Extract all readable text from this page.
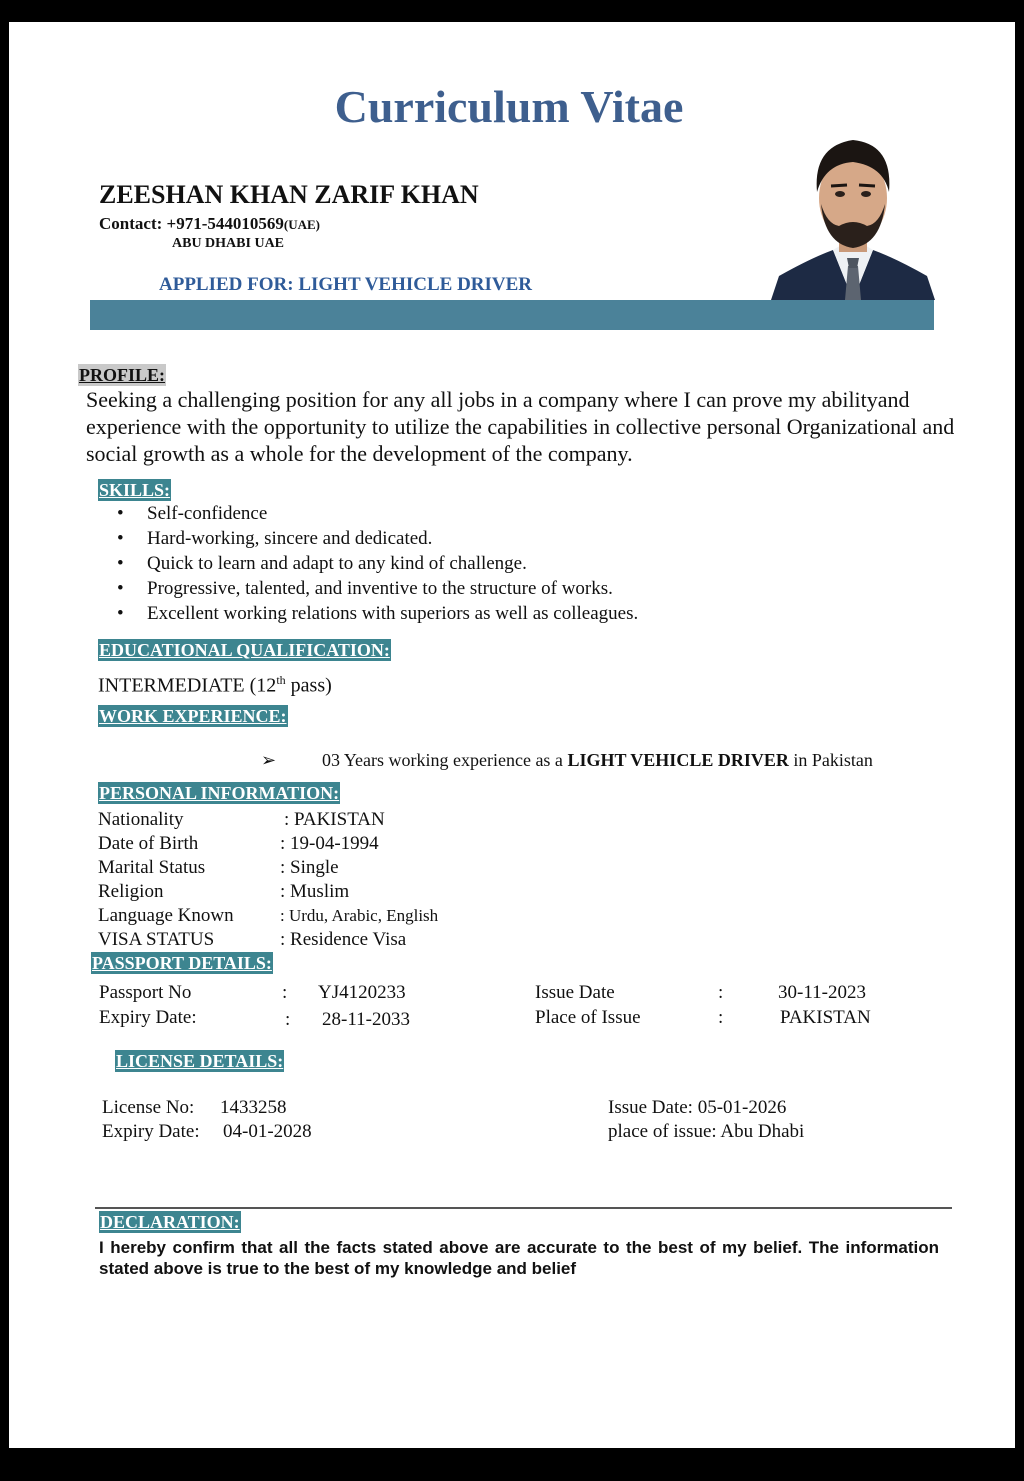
Curriculum Vitae
ZEESHAN KHAN ZARIF KHAN
Contact: +971-544010569(UAE)
ABU DHABI UAE
APPLIED FOR: LIGHT VEHICLE DRIVER
PROFILE:
Seeking a challenging position for any all jobs in a company where I can prove my abilityand experience with the opportunity to utilize the capabilities in collective personal Organizational and social growth as a whole for the development of the company.
SKILLS:
• Self-confidence
• Hard-working, sincere and dedicated.
• Quick to learn and adapt to any kind of challenge.
• Progressive, talented, and inventive to the structure of works.
• Excellent working relations with superiors as well as colleagues.
EDUCATIONAL QUALIFICATION:
INTERMEDIATE (12th pass)
WORK EXPERIENCE:
➢	03 Years working experience as a LIGHT VEHICLE DRIVER in Pakistan
PERSONAL INFORMATION:
Nationality	: PAKISTAN
Date of Birth	: 19-04-1994
Marital Status	: Single
Religion	: Muslim
Language Known	: Urdu, Arabic, English
VISA STATUS	: Residence Visa
PASSPORT DETAILS:
Passport No	: YJ4120233	Issue Date	:	30-11-2023
Expiry Date:	: 28-11-2033	Place of Issue	:	PAKISTAN
LICENSE DETAILS:
License No: 1433258	Issue Date: 05-01-2026
Expiry Date: 04-01-2028	place of issue: Abu Dhabi
DECLARATION:
I hereby confirm that all the facts stated above are accurate to the best of my belief. The information stated above is true to the best of my knowledge and belief
